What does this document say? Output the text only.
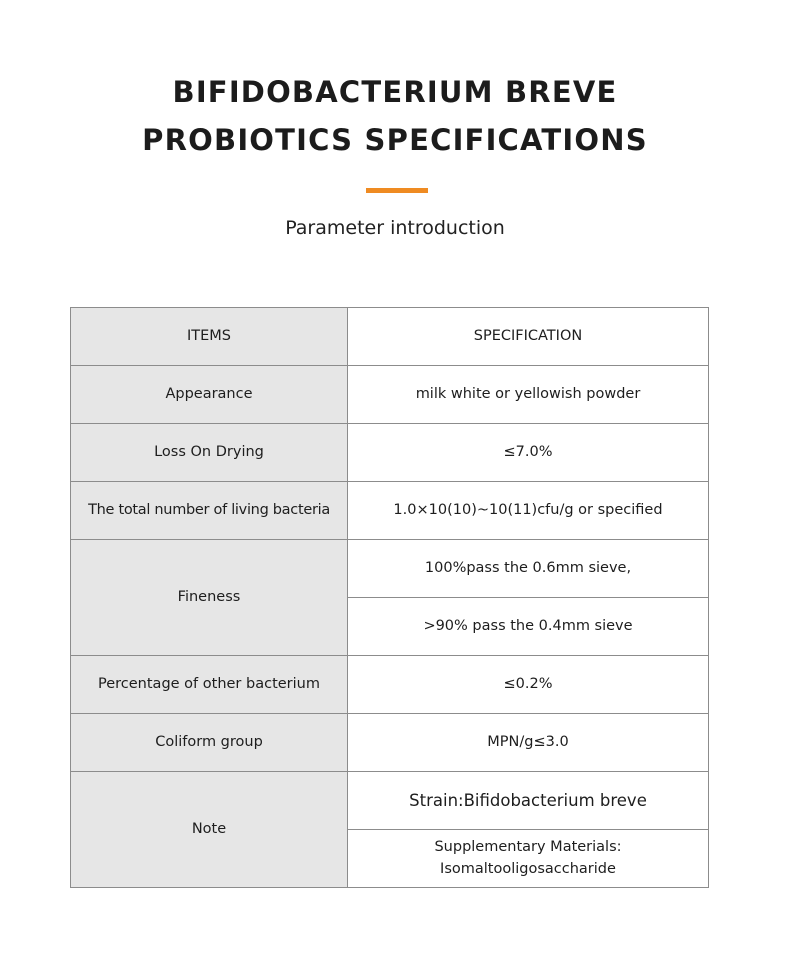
BIFIDOBACTERIUM BREVE
PROBIOTICS SPECIFICATIONS
Parameter introduction
ITEMS	SPECIFICATION
Appearance	milk white or yellowish powder
Loss On Drying	≤7.0%
The total number of living bacteria	1.0×10(10)~10(11)cfu/g or specified
Fineness	100%pass the 0.6mm sieve,
	>90% pass the 0.4mm sieve
Percentage of other bacterium	≤0.2%
Coliform group	MPN/g≤3.0
Note	Strain:Bifidobacterium breve

	Supplementary Materials:
Isomaltooligosaccharide
